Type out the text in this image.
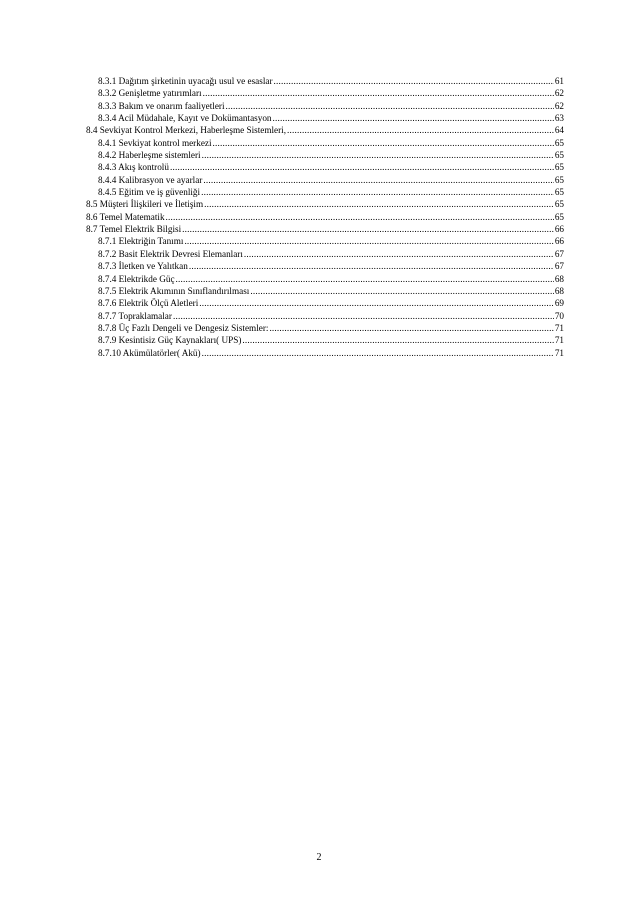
8.3.1 Dağıtım şirketinin uyacağı usul ve esaslar .....	61
8.3.2 Genişletme yatırımları .....	62
8.3.3 Bakım ve onarım faaliyetleri .....	62
8.3.4 Acil Müdahale, Kayıt ve Dokümantasyon .....	63
8.4 Sevkiyat Kontrol Merkezi, Haberleşme Sistemleri, .....	64
8.4.1 Sevkiyat kontrol merkezi .....	65
8.4.2 Haberleşme sistemleri .....	65
8.4.3 Akış kontrolü .....	65
8.4.4 Kalibrasyon ve ayarlar .....	65
8.4.5 Eğitim ve iş güvenliği .....	65
8.5 Müşteri İlişkileri ve İletişim .....	65
8.6 Temel Matematik .....	65
8.7 Temel Elektrik Bilgisi .....	66
8.7.1 Elektriğin Tanımı .....	66
8.7.2 Basit Elektrik Devresi Elemanları .....	67
8.7.3 İletken ve Yalıtkan .....	67
8.7.4 Elektrikde Güç .....	68
8.7.5 Elektrik Akımının Sınıflandırılması .....	68
8.7.6 Elektrik Ölçü Aletleri .....	69
8.7.7 Topraklamalar .....	70
8.7.8 Üç Fazlı Dengeli ve Dengesiz Sistemler: .....	71
8.7.9 Kesintisiz Güç Kaynakları( UPS) .....	71
8.7.10 Akümülatörler( Akü) .....	71
2
